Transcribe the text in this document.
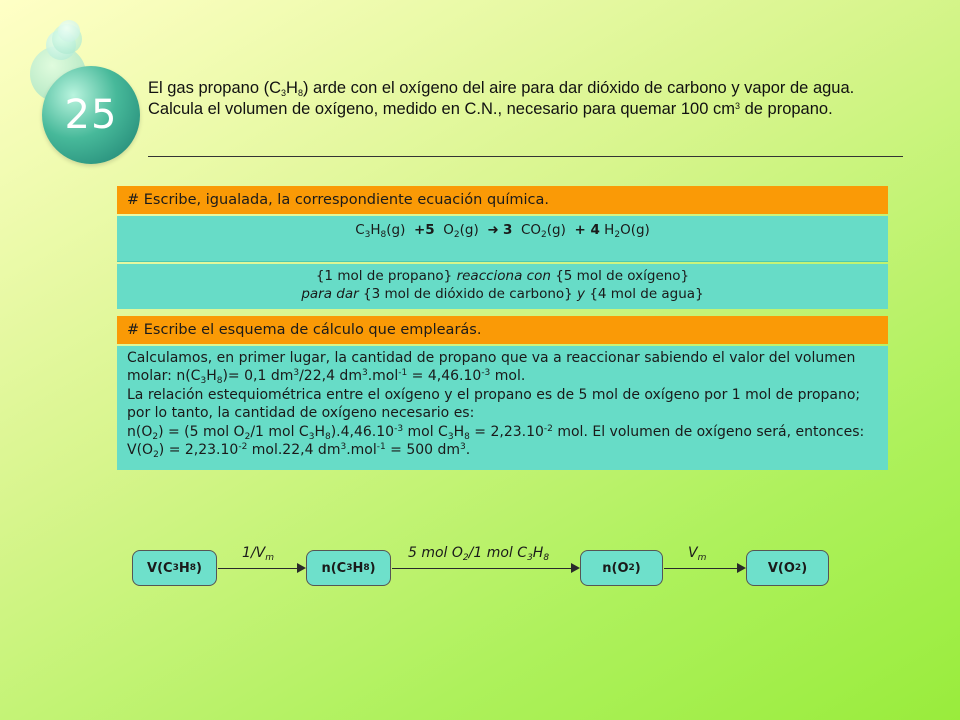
25
El gas propano $(C_3H_8)$ arde con el oxígeno del aire para dar dióxido de carbono y vapor de agua. Calcula el volumen de oxígeno, medido en C.N., necesario para quemar 100 $cm^3$ de propano.
# Escribe, igualada, la correspondiente ecuación química.
$C_3H_8(g) +5$ $O_2(g)$ ➜ 3 $CO_2(g) + 4$ $H_2O(g)$
{1 mol de propano} reacciona con {5 mol de oxígeno}
para dar {3 mol de dióxido de carbono} y {4 mol de agua}
# Escribe el esquema de cálculo que emplearás.
Calculamos, en primer lugar, la cantidad de propano que va a reaccionar sabiendo el valor del volumen molar: $n(C_3H_8)= 0,1$ $dm^3/22,4$ $dm^3.mol^{-1} = 4,46.10^{-3}$ mol.
La relación estequiométrica entre el oxígeno y el propano es de 5 mol de oxígeno por 1 mol de propano; por lo tanto, la cantidad de oxígeno necesario es:
$n(O_2) = (5$ mol $O_2/1$ mol $C_3H_8).4,46.10^{-3}$ mol $C_3H_8 = 2,23.10^{-2}$ mol. El volumen de oxígeno será, entonces: $V(O_2) = 2,23.10^{-2}$ mol.22,4 $dm^3.mol^{-1} = 500$ $dm^3$.
V(C 3 H 8 )
$1/V_m$
n(C 3 H 8 )
5 mol $O_2/1$ mol $C_3H_8$
n(O 2 )
$V_m$
V(O 2 )
